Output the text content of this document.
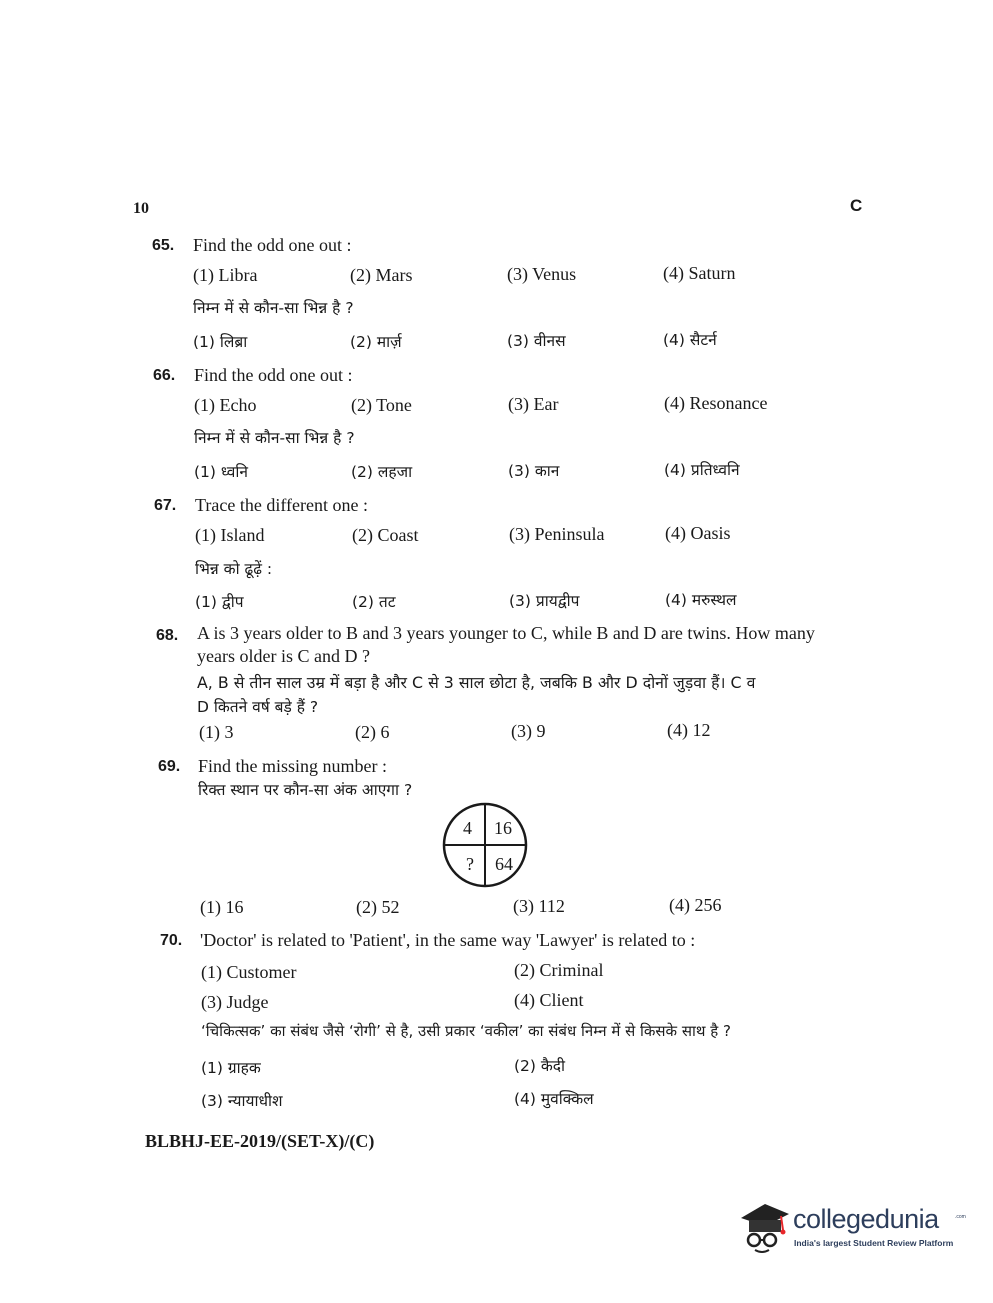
10	C
65. Find the odd one out :
(1) Libra	(2) Mars	(3) Venus	(4) Saturn
निम्न में से कौन-सा भिन्न है ?
(1) लिब्रा	(2) मार्ज़	(3) वीनस	(4) सैटर्न
66. Find the odd one out :
(1) Echo	(2) Tone	(3) Ear	(4) Resonance
निम्न में से कौन-सा भिन्न है ?
(1) ध्वनि	(2) लहजा	(3) कान	(4) प्रतिध्वनि
67. Trace the different one :
(1) Island	(2) Coast	(3) Peninsula	(4) Oasis
भिन्न को ढूढ़ें :
(1) द्वीप	(2) तट	(3) प्रायद्वीप	(4) मरुस्थल
68. A is 3 years older to B and 3 years younger to C, while B and D are twins. How many
years older is C and D ?
A, B से तीन साल उम्र में बड़ा है और C से 3 साल छोटा है, जबकि B और D दोनों जुड़वा हैं। C व
D कितने वर्ष बड़े हैं ?
(1) 3	(2) 6	(3) 9	(4) 12
69. Find the missing number :
रिक्त स्थान पर कौन-सा अंक आएगा ?
4 16
? 64
(1) 16	(2) 52	(3) 112	(4) 256
70. 'Doctor' is related to 'Patient', in the same way 'Lawyer' is related to :
(1) Customer	(2) Criminal
(3) Judge	(4) Client
‘चिकित्सक’ का संबंध जैसे ‘रोगी’ से है, उसी प्रकार ‘वकील’ का संबंध निम्न में से किसके साथ है ?
(1) ग्राहक	(2) कैदी
(3) न्यायाधीश	(4) मुवक्किल
BLBHJ-EE-2019/(SET-X)/(C)
collegedunia	.com
India's largest Student Review Platform
